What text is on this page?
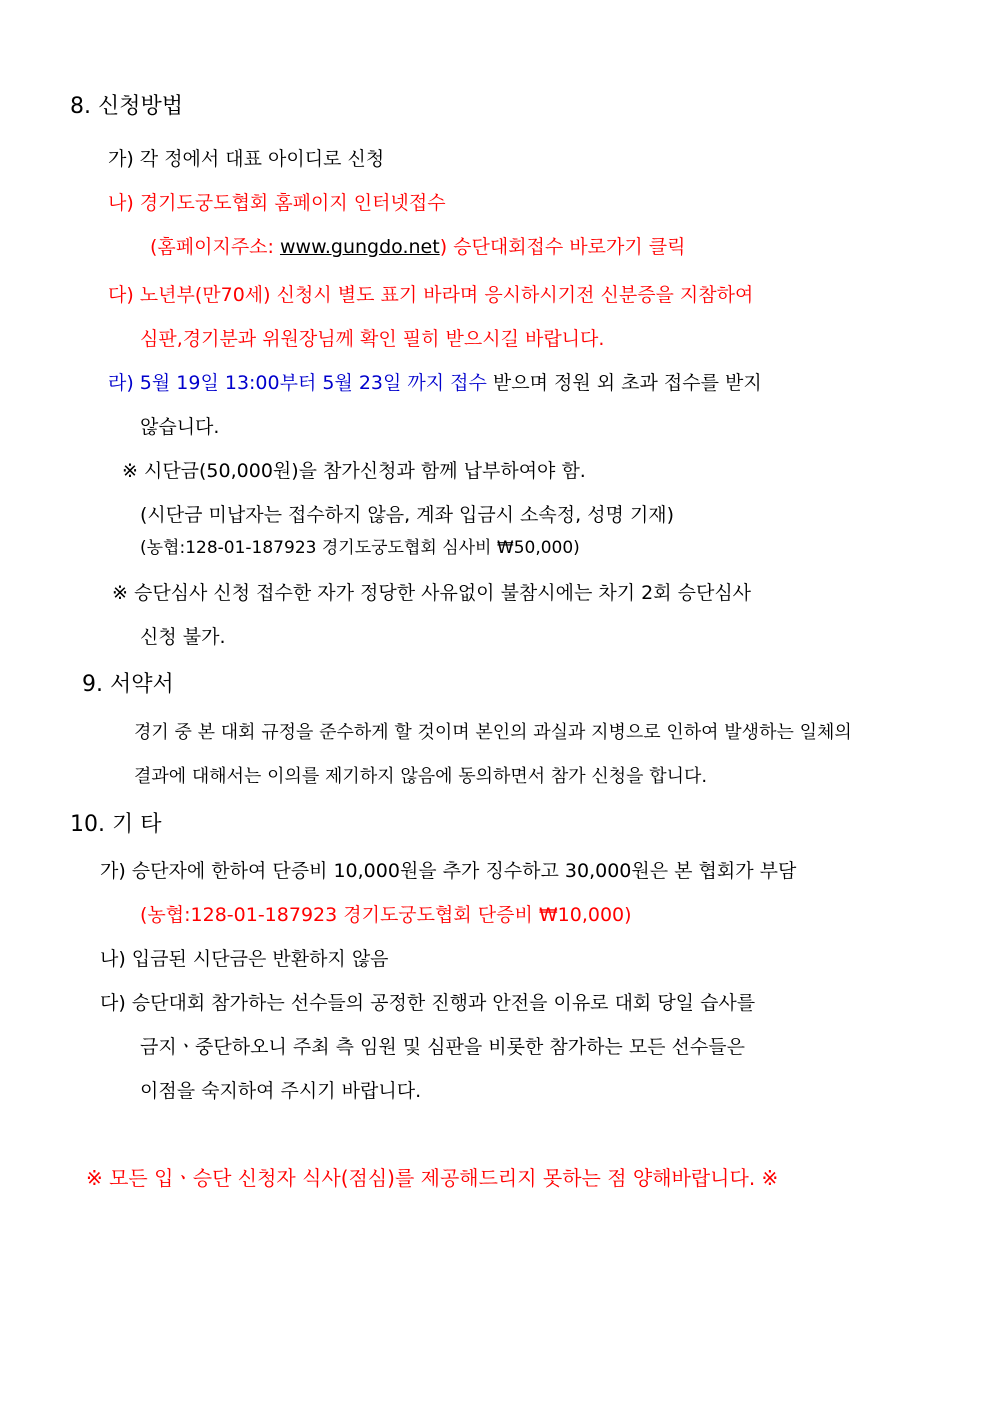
8. 신청방법
가) 각 정에서 대표 아이디로 신청
나) 경기도궁도협회 홈페이지 인터넷접수
(홈페이지주소: www.gungdo.net) 승단대회접수 바로가기 클릭
다) 노년부(만70세) 신청시 별도 표기 바라며 응시하시기전 신분증을 지참하여
심판,경기분과 위원장님께 확인 필히 받으시길 바랍니다.
라) 5월 19일 13:00부터 5월 23일 까지 접수 받으며 정원 외 초과 접수를 받지
않습니다.
※ 시단금(50,000원)을 참가신청과 함께 납부하여야 함.
(시단금 미납자는 접수하지 않음, 계좌 입금시 소속정, 성명 기재)
(농협:128-01-187923 경기도궁도협회 심사비 ₩50,000)
※ 승단심사 신청 접수한 자가 정당한 사유없이 불참시에는 차기 2회 승단심사
신청 불가.
9. 서약서
경기 중 본 대회 규정을 준수하게 할 것이며 본인의 과실과 지병으로 인하여 발생하는 일체의
결과에 대해서는 이의를 제기하지 않음에 동의하면서 참가 신청을 합니다.
10. 기 타
가) 승단자에 한하여 단증비 10,000원을 추가 징수하고 30,000원은 본 협회가 부담
(농협:128-01-187923 경기도궁도협회 단증비 ₩10,000)
나) 입금된 시단금은 반환하지 않음
다) 승단대회 참가하는 선수들의 공정한 진행과 안전을 이유로 대회 당일 습사를
금지ㆍ중단하오니 주최 측 임원 및 심판을 비롯한 참가하는 모든 선수들은
이점을 숙지하여 주시기 바랍니다.
※ 모든 입ㆍ승단 신청자 식사(점심)를 제공해드리지 못하는 점 양해바랍니다. ※
